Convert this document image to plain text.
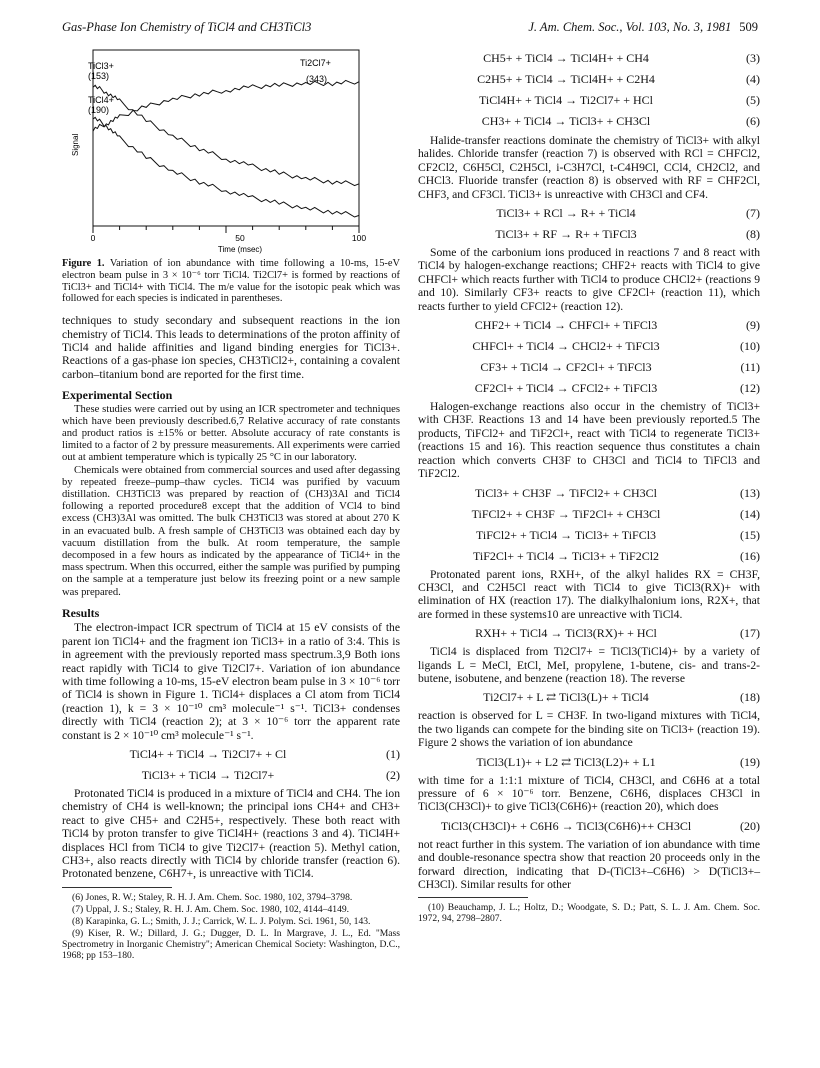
Gas-Phase Ion Chemistry of TiCl4 and CH3TiCl3	J. Am. Chem. Soc., Vol. 103, No. 3, 1981 509
TiCl3+
(153)
TiCl4+
(190)
Ti2Cl7+
(343)
Signal
0	50	100
Time (msec)

Figure 1. Variation of ion abundance with time following a 10-ms, 15-eV electron beam pulse in 3 × 10⁻⁶ torr TiCl4. Ti2Cl7+ is formed by reactions of TiCl3+ and TiCl4+ with TiCl4. The m/e value for the isotopic peak which was followed for each species is indicated in parentheses.

techniques to study secondary and subsequent reactions in the ion chemistry of TiCl4. This leads to determinations of the proton affinity of TiCl4 and halide affinities and ligand binding energies for TiCl3+. Reactions of a gas-phase ion species, CH3TiCl2+, containing a covalent carbon–titanium bond are reported for the first time.

Experimental Section

These studies were carried out by using an ICR spectrometer and techniques which have been previously described.6,7 Relative accuracy of rate constants and product ratios is ±15% or better. Absolute accuracy of rate constants is limited to a factor of 2 by pressure measurements. All experiments were carried out at ambient temperature which is typically 25 °C in our laboratory.

Chemicals were obtained from commercial sources and used after degassing by repeated freeze–pump–thaw cycles. TiCl4 was purified by vacuum distillation. CH3TiCl3 was prepared by reaction of (CH3)3Al and TiCl4 following a reported procedure8 except that the addition of VCl4 to bind excess (CH3)3Al was omitted. The bulk CH3TiCl3 was stored at about 270 K in an evacuated bulb. A fresh sample of CH3TiCl3 was obtained each day by vacuum distillation from the bulk. At room temperature, the sample decomposed in a few hours as indicated by the appearance of TiCl4+ in the mass spectrum. When this occurred, either the sample was purified by pumping on the sample at a temperature just below its freezing point or a new sample was prepared.

Results

The electron-impact ICR spectrum of TiCl4 at 15 eV consists of the parent ion TiCl4+ and the fragment ion TiCl3+ in a ratio of 3:4. This is in agreement with the previously reported mass spectrum.3,9 Both ions react rapidly with TiCl4 to give Ti2Cl7+. Variation of ion abundance with time following a 10-ms, 15-eV electron beam pulse in 3 × 10⁻⁶ torr of TiCl4 is shown in Figure 1. TiCl4+ displaces a Cl atom from TiCl4 (reaction 1), k = 3 × 10⁻¹⁰ cm³ molecule⁻¹ s⁻¹. TiCl3+ condenses directly with TiCl4 (reaction 2); at 3 × 10⁻⁶ torr the apparent rate constant is 2 × 10⁻¹⁰ cm³ molecule⁻¹ s⁻¹.

TiCl4+ + TiCl4 → Ti2Cl7+ + Cl	(1)
TiCl3+ + TiCl4 → Ti2Cl7+	(2)

Protonated TiCl4 is produced in a mixture of TiCl4 and CH4. The ion chemistry of CH4 is well-known; the principal ions CH4+ and CH3+ react to give CH5+ and C2H5+, respectively. These both react with TiCl4 by proton transfer to give TiCl4H+ (reactions 3 and 4). TiCl4H+ displaces HCl from TiCl4 to give Ti2Cl7+ (reaction 5). Methyl cation, CH3+, also reacts directly with TiCl4 by chloride transfer (reaction 6). Protonated benzene, C6H7+, is unreactive with TiCl4.

(6) Jones, R. W.; Staley, R. H. J. Am. Chem. Soc. 1980, 102, 3794–3798.

(7) Uppal, J. S.; Staley, R. H. J. Am. Chem. Soc. 1980, 102, 4144–4149.

(8) Karapinka, G. L.; Smith, J. J.; Carrick, W. L. J. Polym. Sci. 1961, 50, 143.

(9) Kiser, R. W.; Dillard, J. G.; Dugger, D. L. In Margrave, J. L., Ed. "Mass Spectrometry in Inorganic Chemistry"; American Chemical Society: Washington, D.C., 1968; pp 153–180.

CH5+ + TiCl4 → TiCl4H+ + CH4	(3)
C2H5+ + TiCl4 → TiCl4H+ + C2H4	(4)
TiCl4H+ + TiCl4 → Ti2Cl7+ + HCl	(5)
CH3+ + TiCl4 → TiCl3+ + CH3Cl	(6)

Halide-transfer reactions dominate the chemistry of TiCl3+ with alkyl halides. Chloride transfer (reaction 7) is observed with RCl = CHFCl2, CF2Cl2, C6H5Cl, C2H5Cl, i-C3H7Cl, t-C4H9Cl, CCl4, CH2Cl2, and CHCl3. Fluoride transfer (reaction 8) is observed with RF = CHF2Cl, CHF3, and CF3Cl. TiCl3+ is unreactive with CH3Cl and CF4.

TiCl3+ + RCl → R+ + TiCl4	(7)
TiCl3+ + RF → R+ + TiFCl3	(8)

Some of the carbonium ions produced in reactions 7 and 8 react with TiCl4 by halogen-exchange reactions; CHF2+ reacts with TiCl4 to give CHFCl+ which reacts further with TiCl4 to produce CHCl2+ (reactions 9 and 10). Similarly CF3+ reacts to give CF2Cl+ (reaction 11), which reacts further to yield CFCl2+ (reaction 12).

CHF2+ + TiCl4 → CHFCl+ + TiFCl3	(9)
CHFCl+ + TiCl4 → CHCl2+ + TiFCl3	(10)
CF3+ + TiCl4 → CF2Cl+ + TiFCl3	(11)
CF2Cl+ + TiCl4 → CFCl2+ + TiFCl3	(12)

Halogen-exchange reactions also occur in the chemistry of TiCl3+ with CH3F. Reactions 13 and 14 have been previously reported.5 The products, TiFCl2+ and TiF2Cl+, react with TiCl4 to regenerate TiCl3+ (reactions 15 and 16). This reaction sequence thus constitutes a chain reaction which converts CH3F to CH3Cl and TiCl4 to TiFCl3 and TiF2Cl2.

TiCl3+ + CH3F → TiFCl2+ + CH3Cl	(13)
TiFCl2+ + CH3F → TiF2Cl+ + CH3Cl	(14)
TiFCl2+ + TiCl4 → TiCl3+ + TiFCl3	(15)
TiF2Cl+ + TiCl4 → TiCl3+ + TiF2Cl2	(16)

Protonated parent ions, RXH+, of the alkyl halides RX = CH3F, CH3Cl, and C2H5Cl react with TiCl4 to give TiCl3(RX)+ with elimination of HX (reaction 17). The dialkylhalonium ions, R2X+, that are formed in these systems10 are unreactive with TiCl4.

RXH+ + TiCl4 → TiCl3(RX)+ + HCl	(17)

TiCl4 is displaced from Ti2Cl7+ = TiCl3(TiCl4)+ by a variety of ligands L = MeCl, EtCl, MeI, propylene, 1-butene, cis- and trans-2-butene, isobutene, and benzene (reaction 18). The reverse

Ti2Cl7+ + L ⇄ TiCl3(L)+ + TiCl4	(18)

reaction is observed for L = CH3F. In two-ligand mixtures with TiCl4, the two ligands can compete for the binding site on TiCl3+ (reaction 19). Figure 2 shows the variation of ion abundance

TiCl3(L1)+ + L2 ⇄ TiCl3(L2)+ + L1	(19)

with time for a 1:1:1 mixture of TiCl4, CH3Cl, and C6H6 at a total pressure of 6 × 10⁻⁶ torr. Benzene, C6H6, displaces CH3Cl in TiCl3(CH3Cl)+ to give TiCl3(C6H6)+ (reaction 20), which does

TiCl3(CH3Cl)+ + C6H6 → TiCl3(C6H6)++ CH3Cl	(20)

not react further in this system. The variation of ion abundance with time and double-resonance spectra show that reaction 20 proceeds only in the forward direction, indicating that D-(TiCl3+–C6H6) > D(TiCl3+–CH3Cl). Similar results for other

(10) Beauchamp, J. L.; Holtz, D.; Woodgate, S. D.; Patt, S. L. J. Am. Chem. Soc. 1972, 94, 2798–2807.
